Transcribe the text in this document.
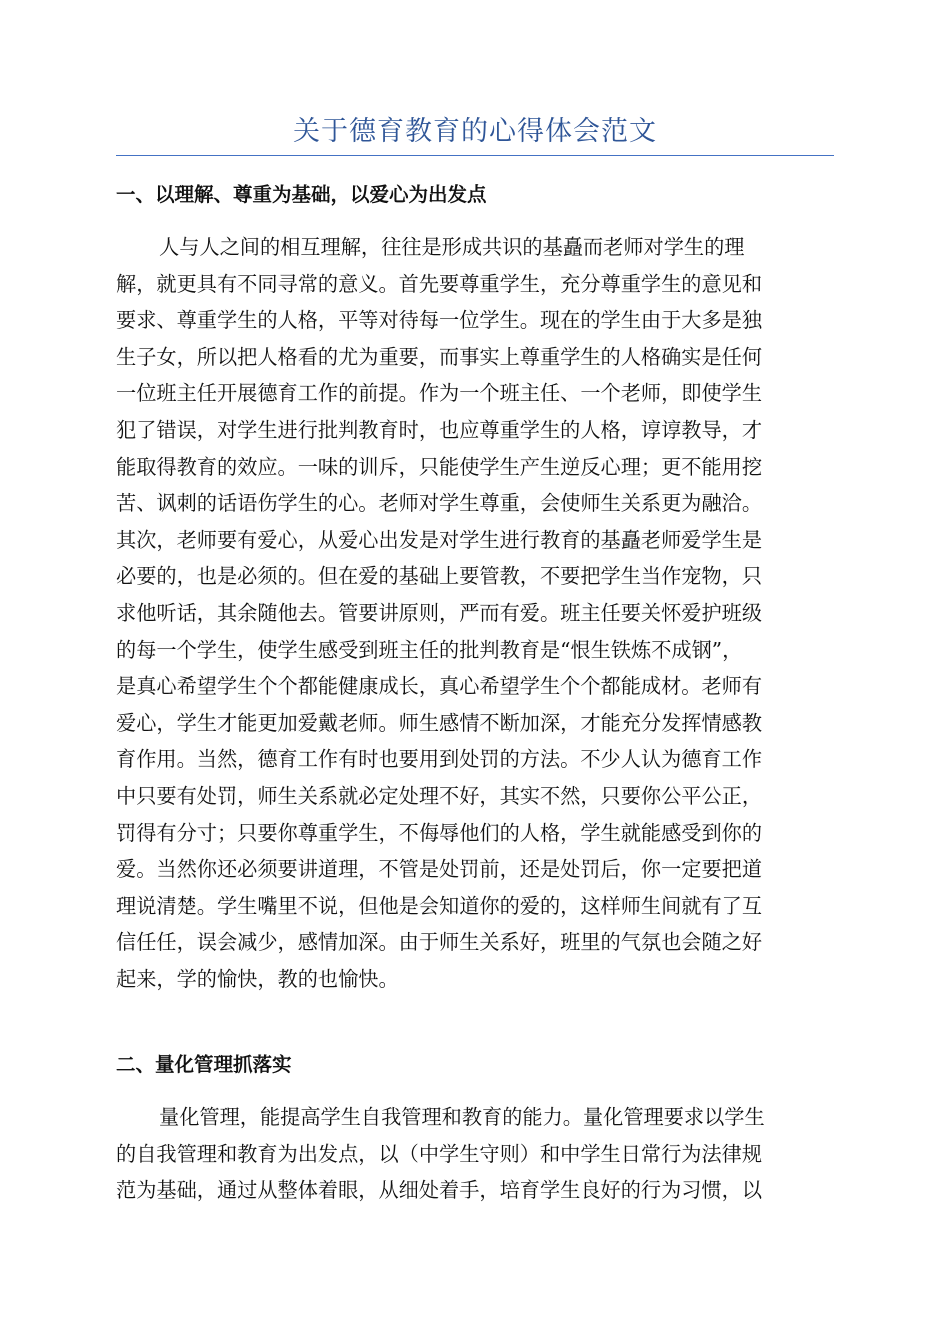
关于德育教育的心得体会范文
一、以理解、尊重为基础，以爱心为出发点
人与人之间的相互理解，往往是形成共识的基矗而老师对学生的理
解，就更具有不同寻常的意义。首先要尊重学生，充分尊重学生的意见和
要求、尊重学生的人格，平等对待每一位学生。现在的学生由于大多是独
生子女，所以把人格看的尤为重要，而事实上尊重学生的人格确实是任何
一位班主任开展德育工作的前提。作为一个班主任、一个老师，即使学生
犯了错误，对学生进行批判教育时，也应尊重学生的人格，谆谆教导，才
能取得教育的效应。一味的训斥，只能使学生产生逆反心理；更不能用挖
苦、讽刺的话语伤学生的心。老师对学生尊重，会使师生关系更为融洽。
其次，老师要有爱心，从爱心出发是对学生进行教育的基矗老师爱学生是
必要的，也是必须的。但在爱的基础上要管教，不要把学生当作宠物，只
求他听话，其余随他去。管要讲原则，严而有爱。班主任要关怀爱护班级
的每一个学生，使学生感受到班主任的批判教育是“恨生铁炼不成钢”，
是真心希望学生个个都能健康成长，真心希望学生个个都能成材。老师有
爱心，学生才能更加爱戴老师。师生感情不断加深，才能充分发挥情感教
育作用。当然，德育工作有时也要用到处罚的方法。不少人认为德育工作
中只要有处罚，师生关系就必定处理不好，其实不然，只要你公平公正，
罚得有分寸；只要你尊重学生，不侮辱他们的人格，学生就能感受到你的
爱。当然你还必须要讲道理，不管是处罚前，还是处罚后，你一定要把道
理说清楚。学生嘴里不说，但他是会知道你的爱的，这样师生间就有了互
信任任，误会减少，感情加深。由于师生关系好，班里的气氛也会随之好
起来，学的愉快，教的也愉快。
二、量化管理抓落实
量化管理，能提高学生自我管理和教育的能力。量化管理要求以学生
的自我管理和教育为出发点，以（中学生守则）和中学生日常行为法律规
范为基础，通过从整体着眼，从细处着手，培育学生良好的行为习惯，以
